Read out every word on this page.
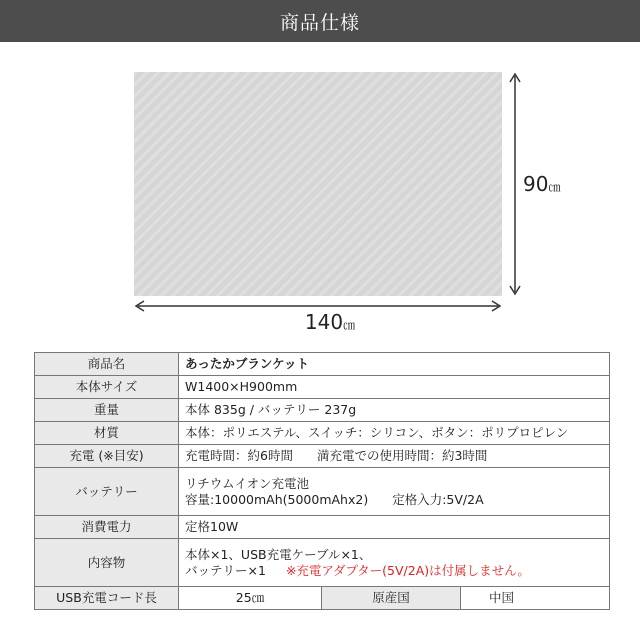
商品仕様
140㎝
90㎝
商品名	あったかブランケット		
本体サイズ	W1400×H900mm		
重量	本体 835g / バッテリー 237g		
材質	本体：ポリエステル、スイッチ：シリコン、ボタン：ポリプロピレン		
充電 (※目安)	充電時間：約6時間 満充電での使用時間：約3時間		
バッテリー	リチウムイオン充電池
容量:10000mAh(5000mAhx2) 定格入力:5V/2A		

消費電力	定格10W		
内容物	本体×1、USB充電ケーブル×1、
バッテリー×1 ※充電アダプター(5V/2A)は付属しません。		

USB充電コード長	25㎝	原産国	中国
